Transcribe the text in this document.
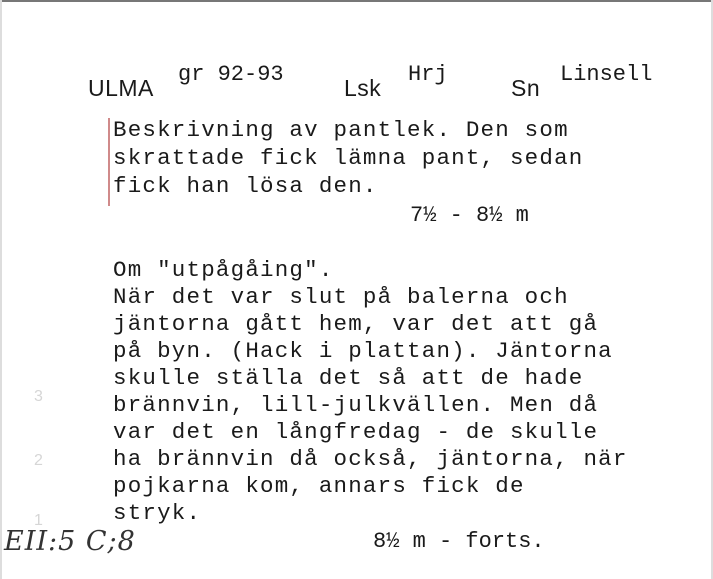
ULMA
gr 92-93
Lsk
Hrj
Sn
Linsell
Beskrivning av pantlek. Den som
skrattade fick lämna pant, sedan
fick han lösa den.
7½ - 8½ m
Om "utpågåing".
När det var slut på balerna och
jäntorna gått hem, var det att gå
på byn. (Hack i plattan). Jäntorna
skulle ställa det så att de hade
brännvin, lill-julkvällen. Men då
var det en långfredag - de skulle
ha brännvin då också, jäntorna, när
pojkarna kom, annars fick de
stryk.
8½ m - forts.
3
2
1
EII:5 C;8
